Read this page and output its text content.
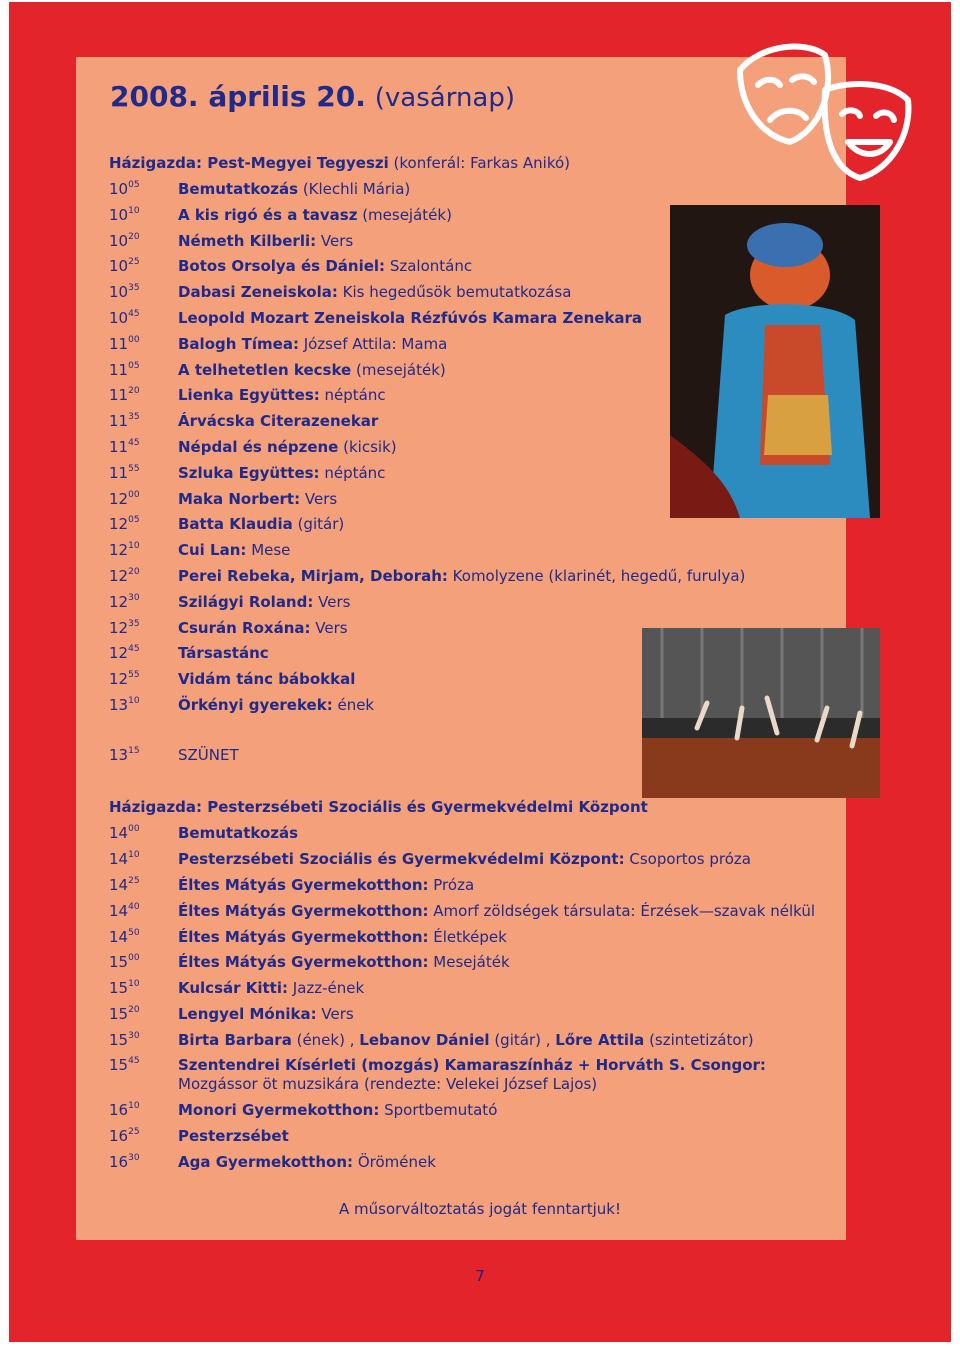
2008. április 20. (vasárnap)
Házigazda: Pest-Megyei Tegyeszi (konferál: Farkas Anikó)
$10^{05}$	Bemutatkozás (Klechli Mária)
$10^{10}$	A kis rigó és a tavasz (mesejáték)
$10^{20}$	Németh Kilberli: Vers
$10^{25}$	Botos Orsolya és Dániel: Szalontánc
$10^{35}$	Dabasi Zeneiskola: Kis hegedűsök bemutatkozása
$10^{45}$	Leopold Mozart Zeneiskola Rézfúvós Kamara Zenekara
$11^{00}$	Balogh Tímea: József Attila: Mama
$11^{05}$	A telhetetlen kecske (mesejáték)
$11^{20}$	Lienka Együttes: néptánc
$11^{35}$	Árvácska Citerazenekar
$11^{45}$	Népdal és népzene (kicsik)
$11^{55}$	Szluka Együttes: néptánc
$12^{00}$	Maka Norbert: Vers
$12^{05}$	Batta Klaudia (gitár)
$12^{10}$	Cui Lan: Mese
$12^{20}$	Perei Rebeka, Mirjam, Deborah: Komolyzene (klarinét, hegedű, furulya)
$12^{30}$	Szilágyi Roland: Vers
$12^{35}$	Csurán Roxána: Vers
$12^{45}$	Társastánc
$12^{55}$	Vidám tánc bábokkal
$13^{10}$	Örkényi gyerekek: ének
$13^{15}$	SZÜNET
Házigazda: Pesterzsébeti Szociális és Gyermekvédelmi Központ
$14^{00}$	Bemutatkozás
$14^{10}$	Pesterzsébeti Szociális és Gyermekvédelmi Központ: Csoportos próza
$14^{25}$	Éltes Mátyás Gyermekotthon: Próza
$14^{40}$	Éltes Mátyás Gyermekotthon: Amorf zöldségek társulata: Érzések—szavak nélkül
$14^{50}$	Éltes Mátyás Gyermekotthon: Életképek
$15^{00}$	Éltes Mátyás Gyermekotthon: Mesejáték
$15^{10}$	Kulcsár Kitti: Jazz-ének
$15^{20}$	Lengyel Mónika: Vers
$15^{30}$	Birta Barbara (ének) , Lebanov Dániel (gitár) , Lőre Attila (szintetizátor)
$15^{45}$	Szentendrei Kísérleti (mozgás) Kamaraszínház + Horváth S. Csongor: Mozgássor öt muzsikára (rendezte: Velekei József Lajos)
$16^{10}$	Monori Gyermekotthon: Sportbemutató
$16^{25}$	Pesterzsébet
$16^{30}$	Aga Gyermekotthon: Örömének
A műsorváltoztatás jogát fenntartjuk!
7
